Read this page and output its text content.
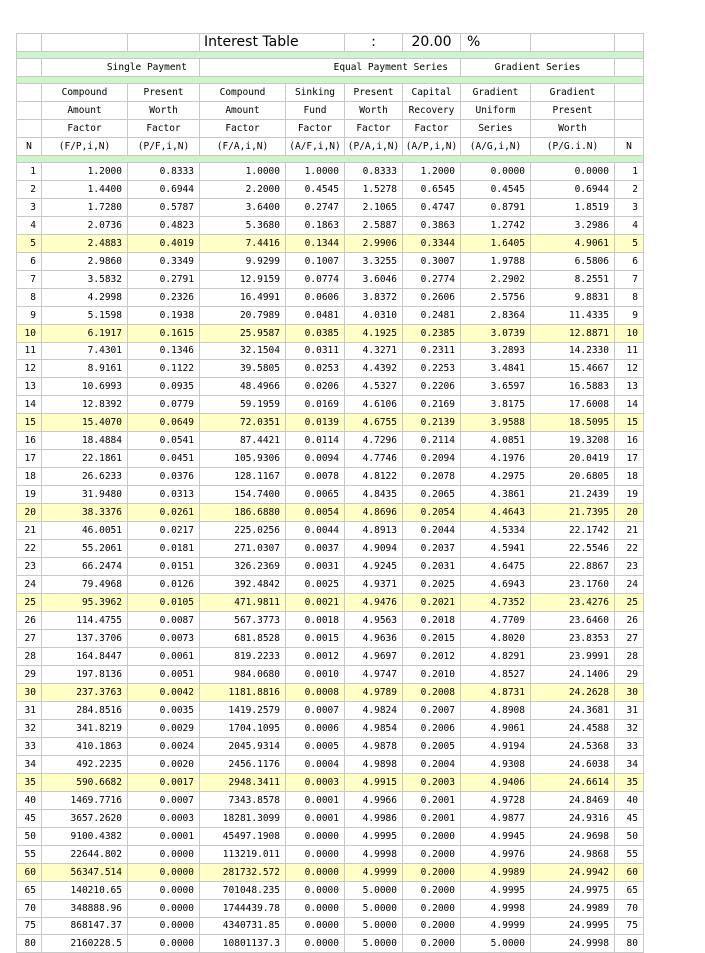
			Interest Table		:	20.00	%		

	Single Payment		Equal Payment Series				Gradient Series		

	Compound	Present	Compound	Sinking	Present	Capital	Gradient	Gradient	
	Amount	Worth	Amount	Fund	Worth	Recovery	Uniform	Present	
	Factor	Factor	Factor	Factor	Factor	Factor	Series	Worth	
N	(F/P,i,N)	(P/F,i,N)	(F/A,i,N)	(A/F,i,N)	(P/A,i,N)	(A/P,i,N)	(A/G,i,N)	(P/G.i.N)	N

1	1.2000	0.8333	1.0000	1.0000	0.8333	1.2000	0.0000	0.0000	1
2	1.4400	0.6944	2.2000	0.4545	1.5278	0.6545	0.4545	0.6944	2
3	1.7280	0.5787	3.6400	0.2747	2.1065	0.4747	0.8791	1.8519	3
4	2.0736	0.4823	5.3680	0.1863	2.5887	0.3863	1.2742	3.2986	4
5	2.4883	0.4019	7.4416	0.1344	2.9906	0.3344	1.6405	4.9061	5
6	2.9860	0.3349	9.9299	0.1007	3.3255	0.3007	1.9788	6.5806	6
7	3.5832	0.2791	12.9159	0.0774	3.6046	0.2774	2.2902	8.2551	7
8	4.2998	0.2326	16.4991	0.0606	3.8372	0.2606	2.5756	9.8831	8
9	5.1598	0.1938	20.7989	0.0481	4.0310	0.2481	2.8364	11.4335	9
10	6.1917	0.1615	25.9587	0.0385	4.1925	0.2385	3.0739	12.8871	10
11	7.4301	0.1346	32.1504	0.0311	4.3271	0.2311	3.2893	14.2330	11
12	8.9161	0.1122	39.5805	0.0253	4.4392	0.2253	3.4841	15.4667	12
13	10.6993	0.0935	48.4966	0.0206	4.5327	0.2206	3.6597	16.5883	13
14	12.8392	0.0779	59.1959	0.0169	4.6106	0.2169	3.8175	17.6008	14
15	15.4070	0.0649	72.0351	0.0139	4.6755	0.2139	3.9588	18.5095	15
16	18.4884	0.0541	87.4421	0.0114	4.7296	0.2114	4.0851	19.3208	16
17	22.1861	0.0451	105.9306	0.0094	4.7746	0.2094	4.1976	20.0419	17
18	26.6233	0.0376	128.1167	0.0078	4.8122	0.2078	4.2975	20.6805	18
19	31.9480	0.0313	154.7400	0.0065	4.8435	0.2065	4.3861	21.2439	19
20	38.3376	0.0261	186.6880	0.0054	4.8696	0.2054	4.4643	21.7395	20
21	46.0051	0.0217	225.0256	0.0044	4.8913	0.2044	4.5334	22.1742	21
22	55.2061	0.0181	271.0307	0.0037	4.9094	0.2037	4.5941	22.5546	22
23	66.2474	0.0151	326.2369	0.0031	4.9245	0.2031	4.6475	22.8867	23
24	79.4968	0.0126	392.4842	0.0025	4.9371	0.2025	4.6943	23.1760	24
25	95.3962	0.0105	471.9811	0.0021	4.9476	0.2021	4.7352	23.4276	25
26	114.4755	0.0087	567.3773	0.0018	4.9563	0.2018	4.7709	23.6460	26
27	137.3706	0.0073	681.8528	0.0015	4.9636	0.2015	4.8020	23.8353	27
28	164.8447	0.0061	819.2233	0.0012	4.9697	0.2012	4.8291	23.9991	28
29	197.8136	0.0051	984.0680	0.0010	4.9747	0.2010	4.8527	24.1406	29
30	237.3763	0.0042	1181.8816	0.0008	4.9789	0.2008	4.8731	24.2628	30
31	284.8516	0.0035	1419.2579	0.0007	4.9824	0.2007	4.8908	24.3681	31
32	341.8219	0.0029	1704.1095	0.0006	4.9854	0.2006	4.9061	24.4588	32
33	410.1863	0.0024	2045.9314	0.0005	4.9878	0.2005	4.9194	24.5368	33
34	492.2235	0.0020	2456.1176	0.0004	4.9898	0.2004	4.9308	24.6038	34
35	590.6682	0.0017	2948.3411	0.0003	4.9915	0.2003	4.9406	24.6614	35
40	1469.7716	0.0007	7343.8578	0.0001	4.9966	0.2001	4.9728	24.8469	40
45	3657.2620	0.0003	18281.3099	0.0001	4.9986	0.2001	4.9877	24.9316	45
50	9100.4382	0.0001	45497.1908	0.0000	4.9995	0.2000	4.9945	24.9698	50
55	22644.802	0.0000	113219.011	0.0000	4.9998	0.2000	4.9976	24.9868	55
60	56347.514	0.0000	281732.572	0.0000	4.9999	0.2000	4.9989	24.9942	60
65	140210.65	0.0000	701048.235	0.0000	5.0000	0.2000	4.9995	24.9975	65
70	348888.96	0.0000	1744439.78	0.0000	5.0000	0.2000	4.9998	24.9989	70
75	868147.37	0.0000	4340731.85	0.0000	5.0000	0.2000	4.9999	24.9995	75
80	2160228.5	0.0000	10801137.3	0.0000	5.0000	0.2000	5.0000	24.9998	80
